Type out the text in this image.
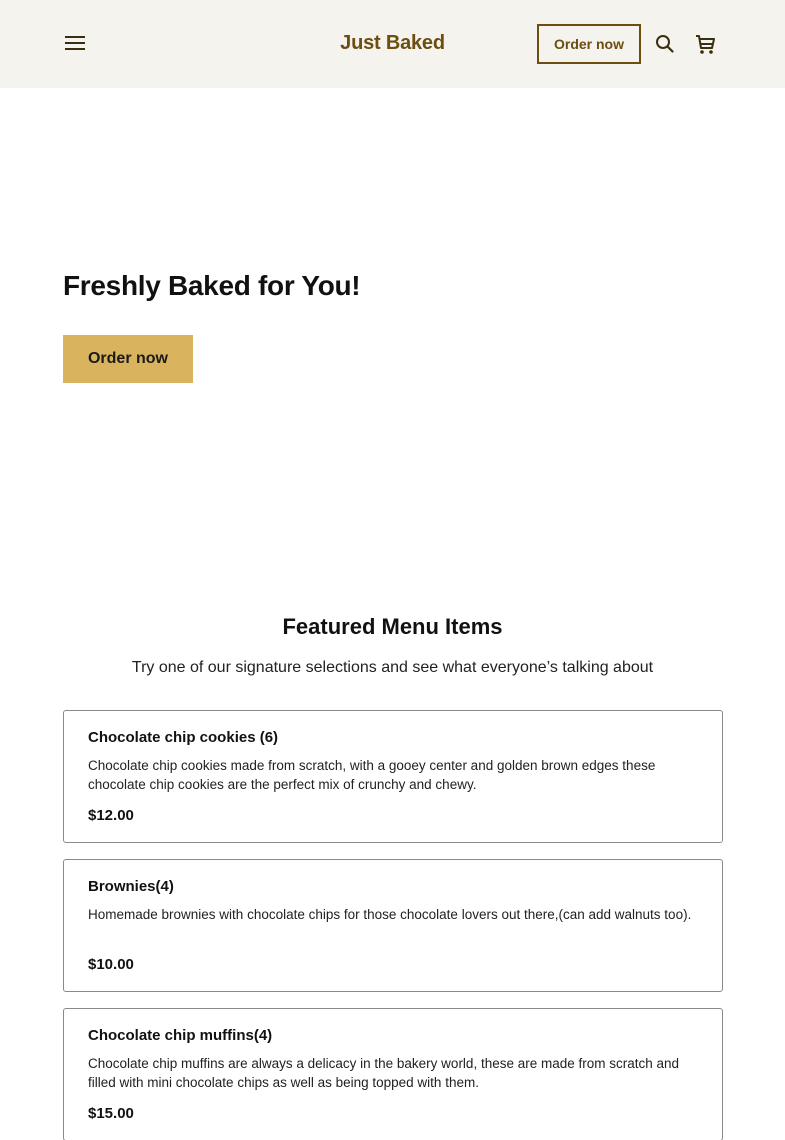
Just Baked	Order now
Freshly Baked for You!
Order now
Featured Menu Items

Try one of our signature selections and see what everyone’s talking about

Chocolate chip cookies (6)
Chocolate chip cookies made from scratch, with a gooey center and golden brown edges these chocolate chip cookies are the perfect mix of crunchy and chewy.
$12.00
Brownies(4)
Homemade brownies with chocolate chips for those chocolate lovers out there,(can add walnuts too).
$10.00
Chocolate chip muffins(4)
Chocolate chip muffins are always a delicacy in the bakery world, these are made from scratch and filled with mini chocolate chips as well as being topped with them.
$15.00
